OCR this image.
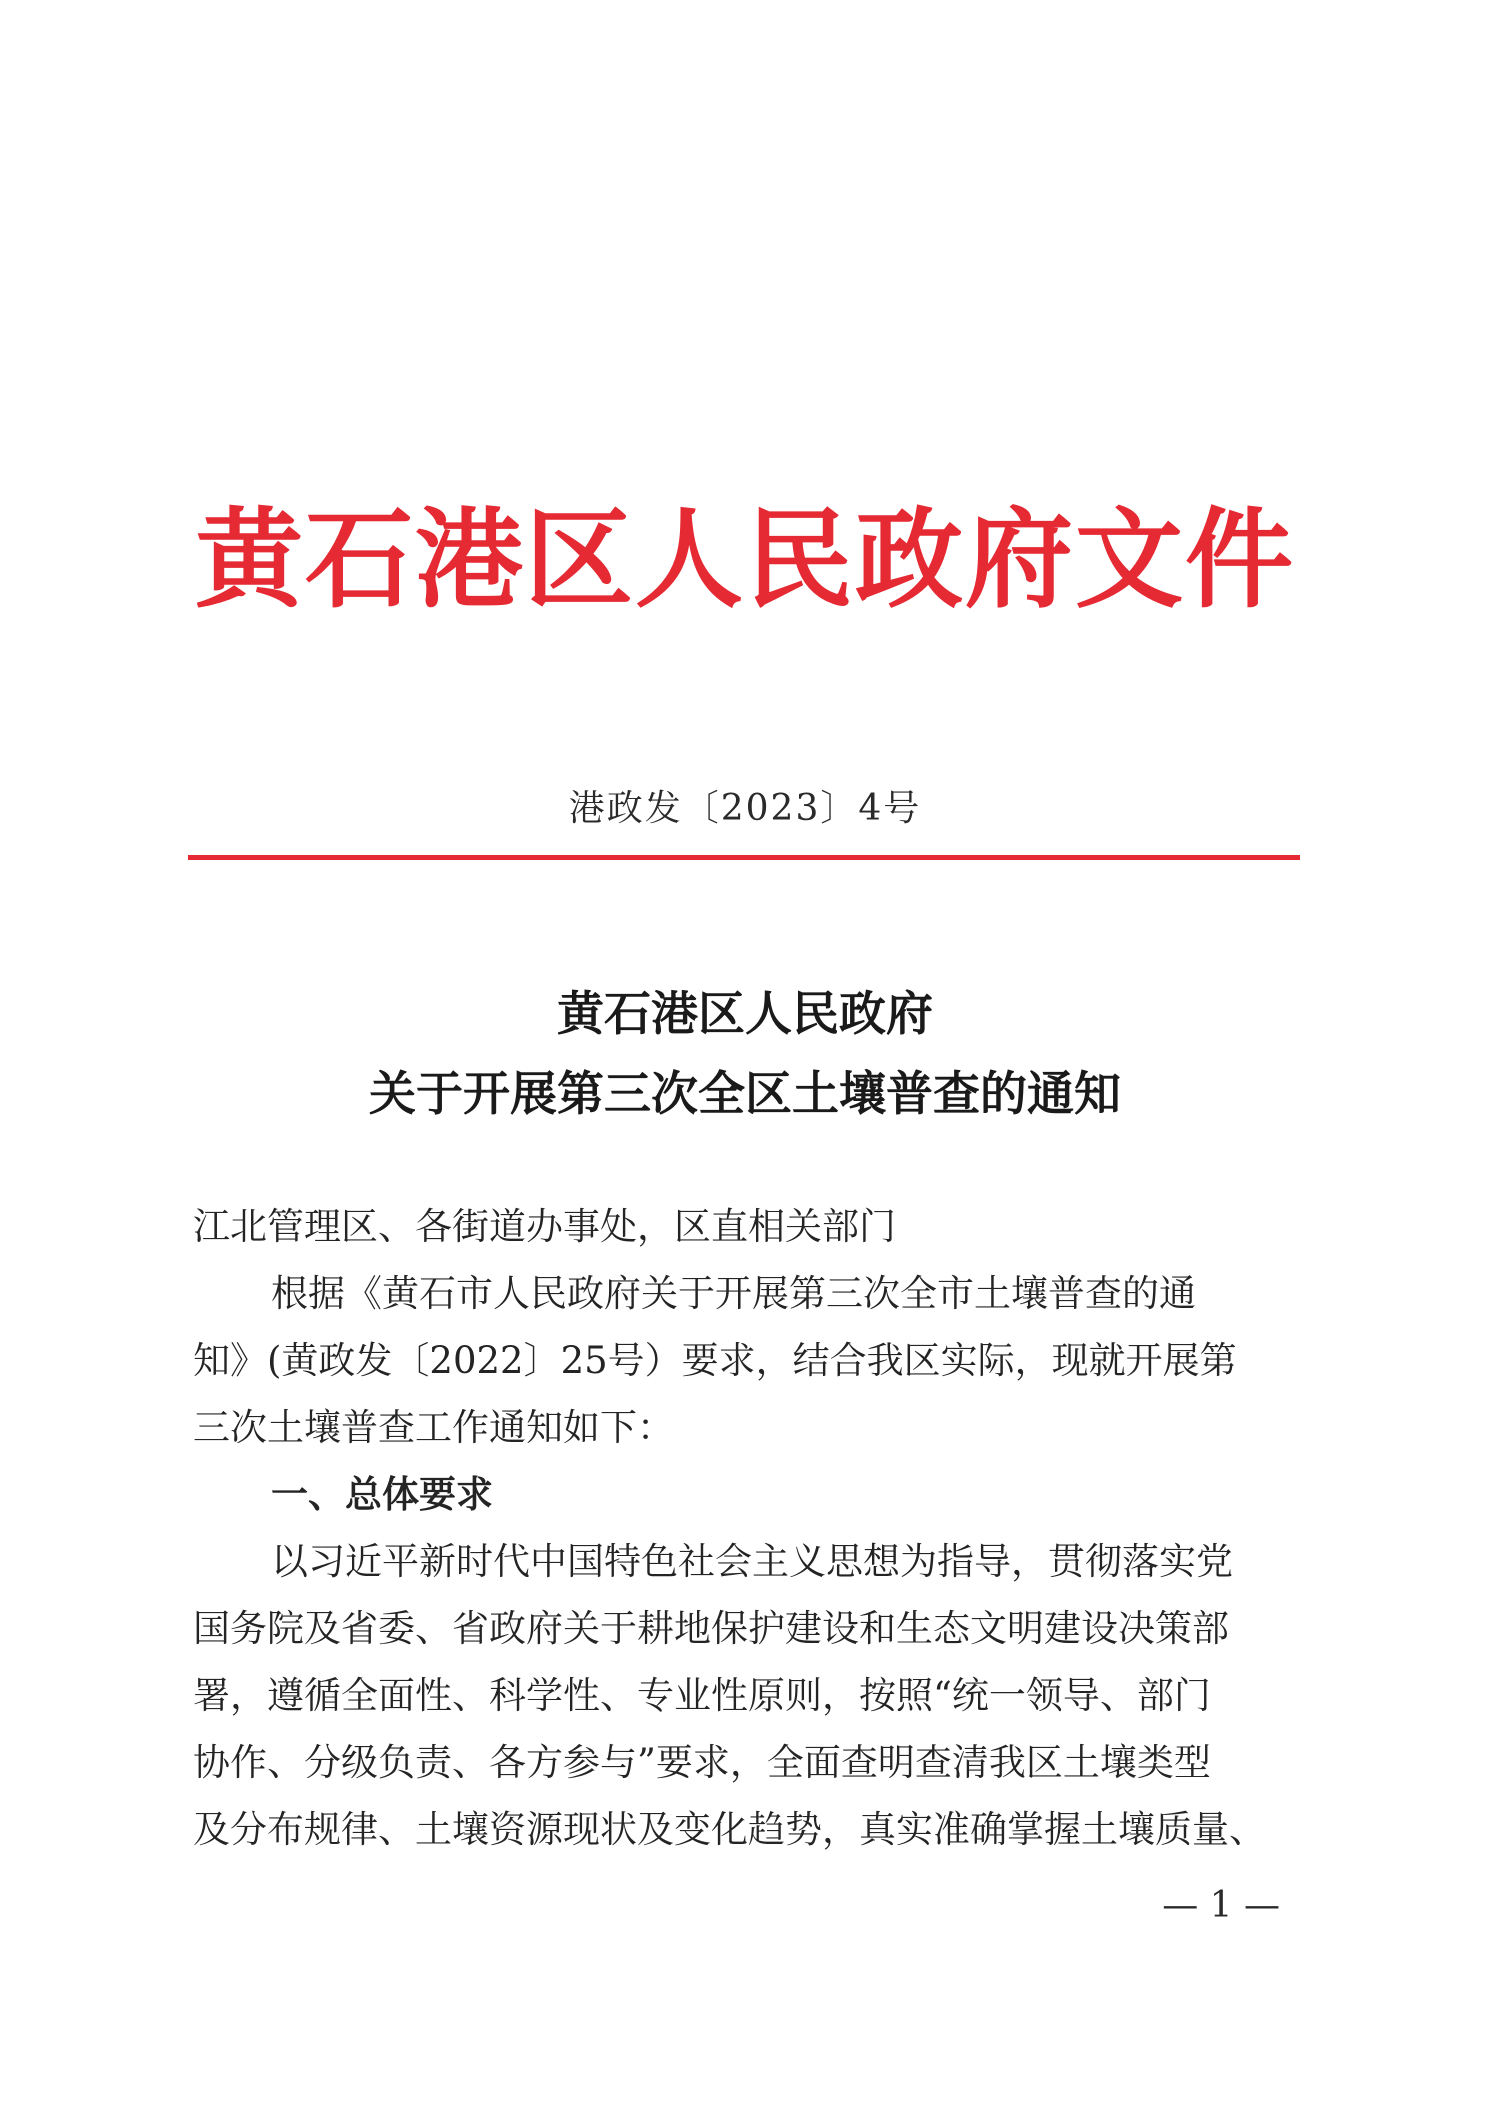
黄石港区人民政府文件
港政发〔2023〕4号
黄石港区人民政府
关于开展第三次全区土壤普查的通知
江北管理区、各街道办事处，区直相关部门
根据《黄石市人民政府关于开展第三次全市土壤普查的通
知》(黄政发〔2022〕25号）要求，结合我区实际，现就开展第
三次土壤普查工作通知如下：
一、总体要求
以习近平新时代中国特色社会主义思想为指导，贯彻落实党
国务院及省委、省政府关于耕地保护建设和生态文明建设决策部
署，遵循全面性、科学性、专业性原则，按照“统一领导、部门
协作、分级负责、各方参与”要求，全面查明查清我区土壤类型
及分布规律、土壤资源现状及变化趋势，真实准确掌握土壤质量、
— 1 —
